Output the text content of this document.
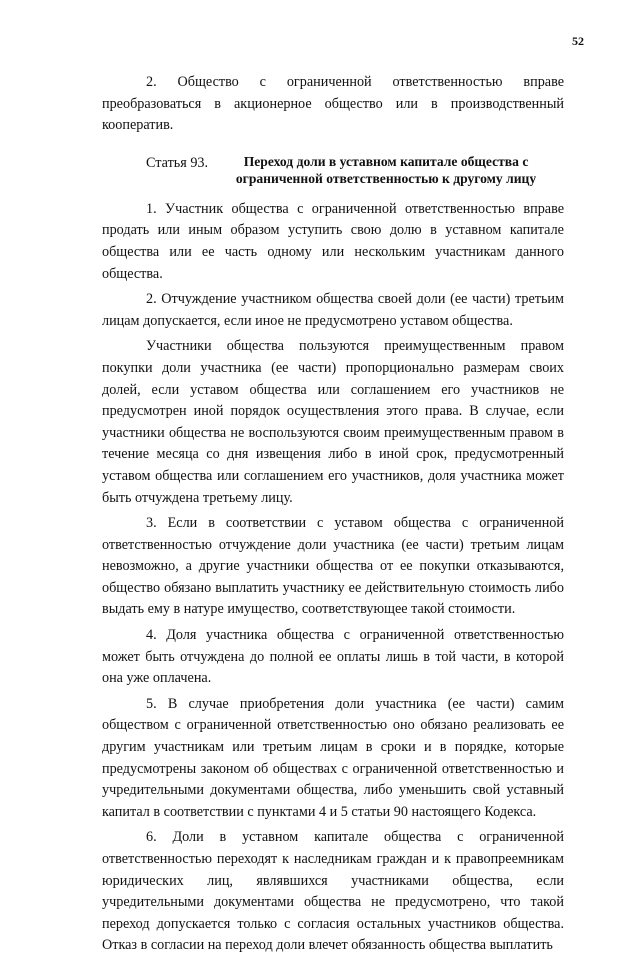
52

2. Общество с ограниченной ответственностью вправе преобразоваться в акционерное общество или в производственный кооператив.

Статья 93.	Переход доли в уставном капитале общества с ограниченной ответственностью к другому лицу

1. Участник общества с ограниченной ответственностью вправе продать или иным образом уступить свою долю в уставном капитале общества или ее часть одному или нескольким участникам данного общества.

2. Отчуждение участником общества своей доли (ее части) третьим лицам допускается, если иное не предусмотрено уставом общества.

Участники общества пользуются преимущественным правом покупки доли участника (ее части) пропорционально размерам своих долей, если уставом общества или соглашением его участников не предусмотрен иной порядок осуществления этого права. В случае, если участники общества не воспользуются своим преимущественным правом в течение месяца со дня извещения либо в иной срок, предусмотренный уставом общества или соглашением его участников, доля участника может быть отчуждена третьему лицу.

3. Если в соответствии с уставом общества с ограниченной ответственностью отчуждение доли участника (ее части) третьим лицам невозможно, а другие участники общества от ее покупки отказываются, общество обязано выплатить участнику ее действительную стоимость либо выдать ему в натуре имущество, соответствующее такой стоимости.

4. Доля участника общества с ограниченной ответственностью может быть отчуждена до полной ее оплаты лишь в той части, в которой она уже оплачена.

5. В случае приобретения доли участника (ее части) самим обществом с ограниченной ответственностью оно обязано реализовать ее другим участникам или третьим лицам в сроки и в порядке, которые предусмотрены законом об обществах с ограниченной ответственностью и учредительными документами общества, либо уменьшить свой уставный капитал в соответствии с пунктами 4 и 5 статьи 90 настоящего Кодекса.

6. Доли в уставном капитале общества с ограниченной ответственностью переходят к наследникам граждан и к правопреемникам юридических лиц, являвшихся участниками общества, если учредительными документами общества не предусмотрено, что такой переход допускается только с согласия остальных участников общества. Отказ в согласии на переход доли влечет обязанность общества выплатить
